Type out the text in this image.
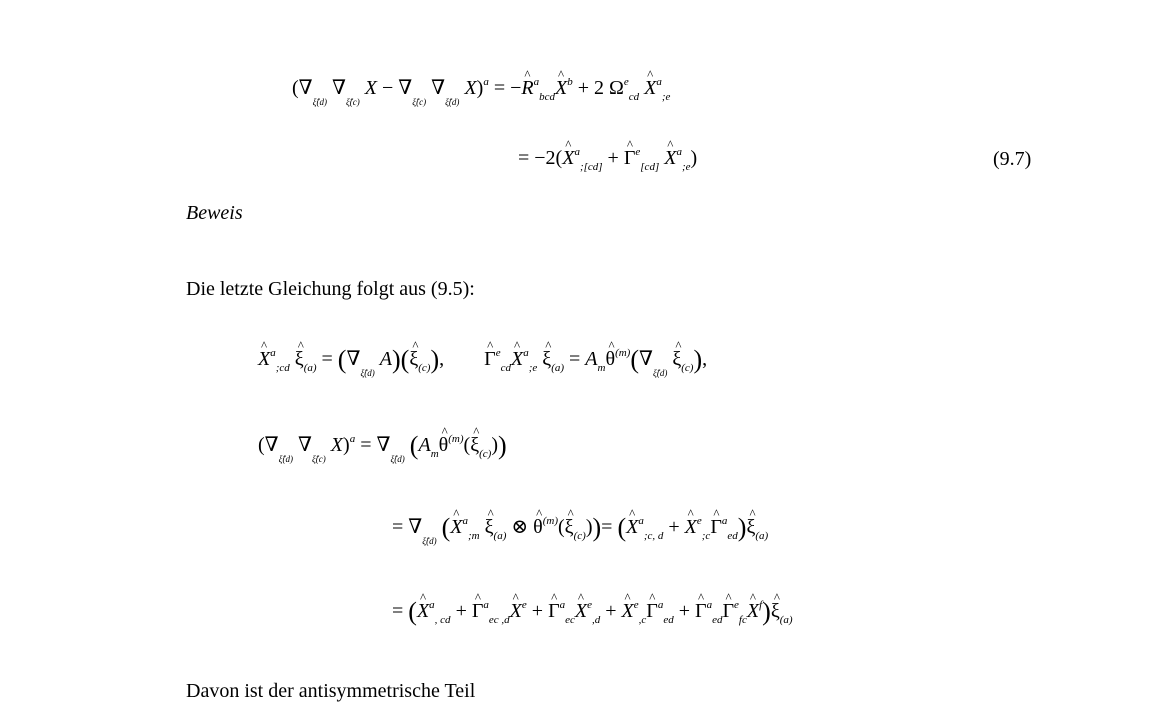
($\nabla_{\xî(d)}$ $\nabla_{\xî(c)}$ $X - \nabla_{\xî(c)}$ $\nabla_{\xî(d)}$ X)$^a$ = −^ $R^a_{bcd}\^{}$ $X^b + 2$ $\Omega^e_{cd}$ ^ $X^a_{;e}$
= −2(^ $X^a_{;[cd]}$ + ^ $\Gamma^e_{[cd]}$ ^ $X^a_{;e}$)	(9.7)
Beweis
Die letzte Gleichung folgt aus (9.5):
^ $X^a_{;cd}$ ^ $\xi_{(a)} = (\nabla_{\xî(d)}$ A)(^ $\xi_{(c)}$),        ^ $\Gamma^e_{cd}\^{}$ $X^a_{;e}$ ^ $\xi_{(a)}$ = $A_m\^{}$ $\theta^{(m)}(\nabla_{\xî(d)}$ ^ $\xi_{(c)}$),
($\nabla_{\xî(d)}$ $\nabla_{\xî(c)}$ $X)^a = \nabla_{\xî(d)}$ ($A_m\^{}$ $\theta^{(m)}(\^{}$ $\xi_{(c)}$))
= $\nabla_{\xî(d)}$ (^ $X^a_{;m}$ ^ $\xi_{(a)}$ ⊗ ^ $\theta^{(m)}(\^{}$ $\xi_{(c)}))=$ (^ $X^a_{;c, d}$ + ^ $X^e_{;c}\^{}$ $\Gamma^a_{ed})\^{}$ $\xi_{(a)}$
= (^ $X^a_{, cd}$ + ^ $\Gamma^a_{ec ,d}\^{}$ $X^e$ + ^ $\Gamma^a_{ec}\^{}$ $X^e_{,d}$ + ^ $X^e_{,c}\^{}$ $\Gamma^a_{ed}$ + ^ $\Gamma^a_{ed}\^{}$ $\Gamma^e_{fc}\^{}$ $X^f)\^{}$ $\xi_{(a)}$
Davon ist der antisymmetrische Teil
